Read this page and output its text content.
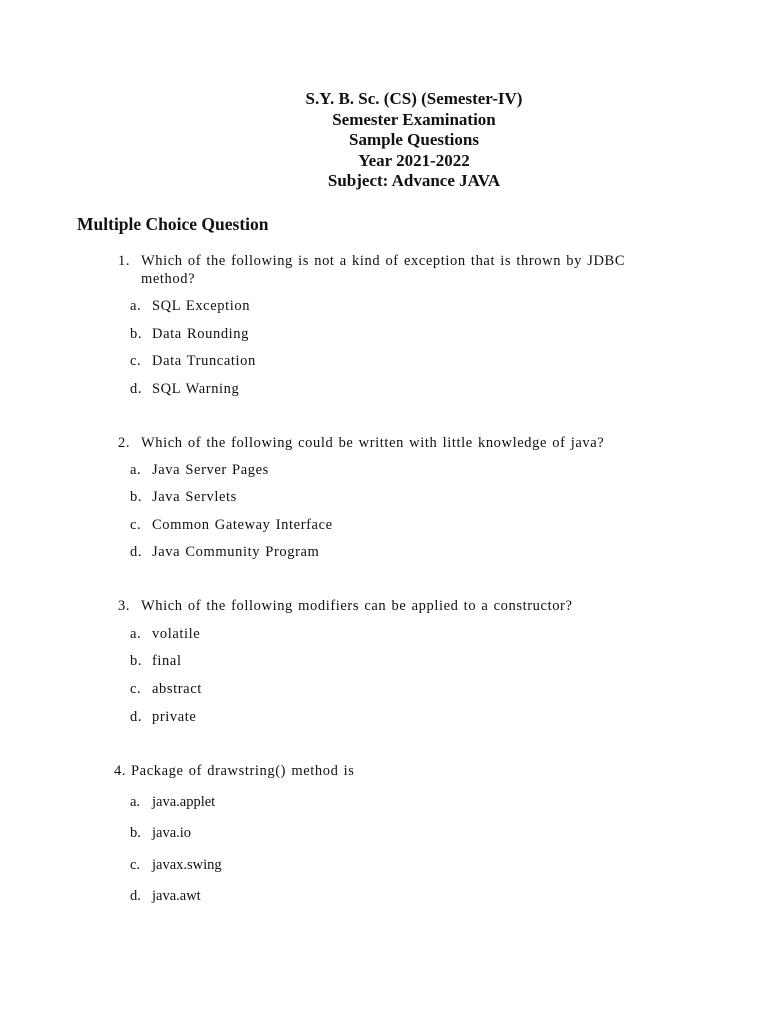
S.Y. B. Sc. (CS) (Semester-IV)
Semester Examination
Sample Questions
Year 2021-2022
Subject: Advance JAVA
Multiple Choice Question
1. Which of the following is not a kind of exception that is thrown by JDBC method?
a. SQL Exception
b. Data Rounding
c. Data Truncation
d. SQL Warning
2. Which of the following could be written with little knowledge of java?
a. Java Server Pages
b. Java Servlets
c. Common Gateway Interface
d. Java Community Program
3. Which of the following modifiers can be applied to a constructor?
a. volatile
b. final
c. abstract
d. private
4. Package of drawstring() method is
a. java.applet
b. java.io
c. javax.swing
d. java.awt
